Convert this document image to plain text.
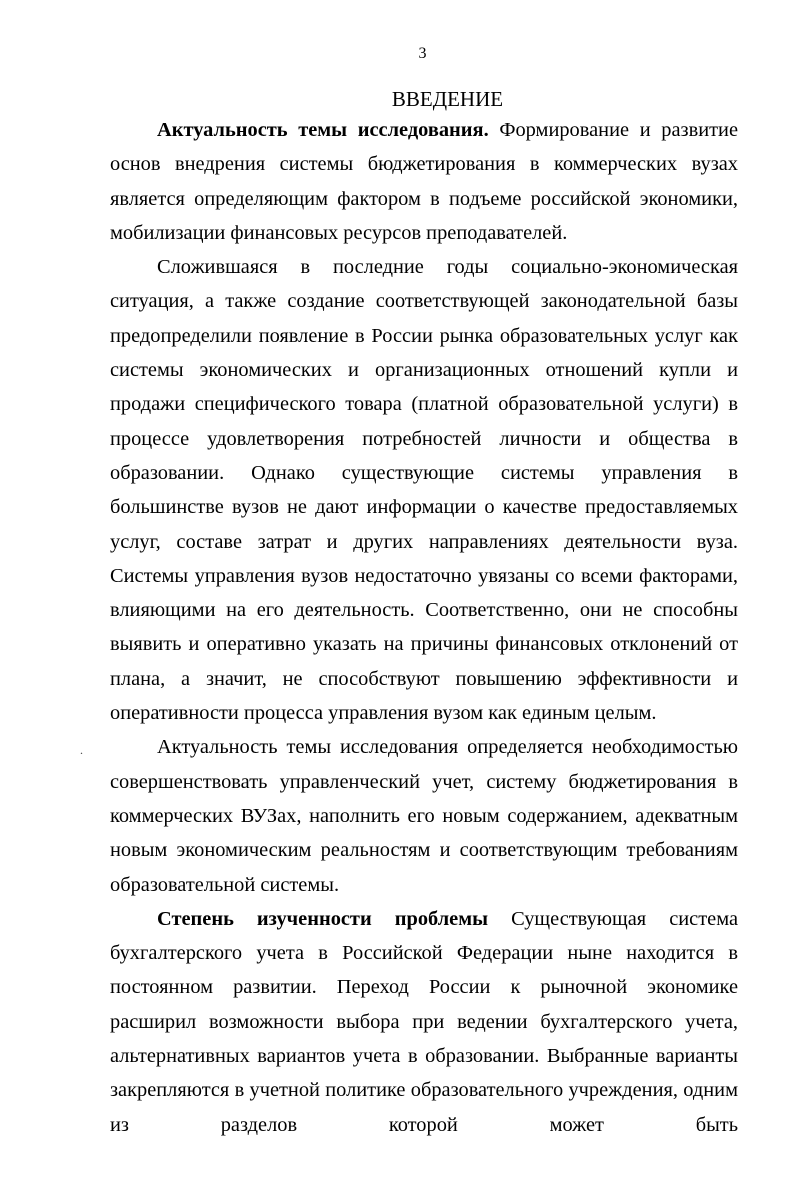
3
ВВЕДЕНИЕ
.

Актуальность темы исследования. Формирование и развитие основ внедрения системы бюджетирования в коммерческих вузах является определяющим фактором в подъеме российской экономики, мобилизации финансовых ресурсов преподавателей.

Сложившаяся в последние годы социально-экономическая ситуация, а также создание соответствующей законодательной базы предопределили появление в России рынка образовательных услуг как системы экономических и организационных отношений купли и продажи специфического товара (платной образовательной услуги) в процессе удовлетворения потребностей личности и общества в образовании. Однако существующие системы управления в большинстве вузов не дают информации о качестве предоставляемых услуг, составе затрат и других направлениях деятельности вуза. Системы управления вузов недостаточно увязаны со всеми факторами, влияющими на его деятельность. Соответственно, они не способны выявить и оперативно указать на причины финансовых отклонений от плана, а значит, не способствуют повышению эффективности и оперативности процесса управления вузом как единым целым.

Актуальность темы исследования определяется необходимостью совершенствовать управленческий учет, систему бюджетирования в коммерческих ВУЗах, наполнить его новым содержанием, адекватным новым экономическим реальностям и соответствующим требованиям образовательной системы.

Степень изученности проблемы Существующая система бухгалтерского учета в Российской Федерации ныне находится в постоянном развитии. Переход России к рыночной экономике расширил возможности выбора при ведении бухгалтерского учета, альтернативных вариантов учета в образовании. Выбранные варианты закрепляются в учетной политике образовательного учреждения, одним из разделов которой может быть
